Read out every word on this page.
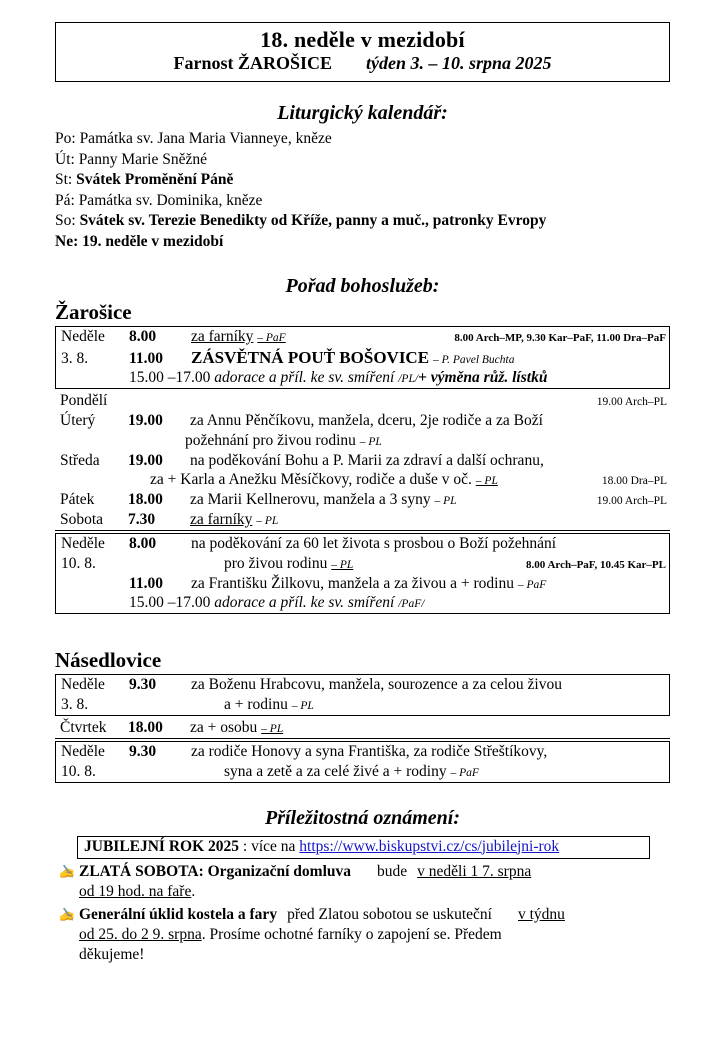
18. neděle v mezidobí
Farnost ŽAROŠICE týden 3. – 10. srpna 2025
Liturgický kalendář:
Po: Památka sv. Jana Maria Vianneye, kněze
Út: Panny Marie Sněžné
St: Svátek Proměnění Páně
Pá: Památka sv. Dominika, kněze
So: Svátek sv. Terezie Benedikty od Kříže, panny a muč., patronky Evropy
Ne: 19. neděle v mezidobí
Pořad bohoslužeb:
Žarošice
Neděle	8.00	za farníky – PaF	8.00 Arch–MP, 9.30 Kar–PaF, 11.00 Dra–PaF
3. 8.	11.00	ZÁSVĚTNÁ POUŤ BOŠOVICE – P. Pavel Buchta
15.00 –17.00 adorace a příl. ke sv. smíření /PL/+ výměna růž. lístků
Pondělí	19.00 Arch–PL
Úterý	19.00	za Annu Pěnčíkovu, manžela, dceru, 2je rodiče a za Boží
požehnání pro živou rodinu – PL
Středa	19.00	na poděkování Bohu a P. Marii za zdraví a další ochranu,
za + Karla a Anežku Měsíčkovy, rodiče a duše v oč. – PL	18.00 Dra–PL
Pátek	18.00	za Marii Kellnerovu, manžela a 3 syny – PL	19.00 Arch–PL
Sobota	7.30	za farníky – PL
Neděle	8.00	na poděkování za 60 let života s prosbou o Boží požehnání
10. 8.	pro živou rodinu – PL	8.00 Arch–PaF, 10.45 Kar–PL
11.00	za Františku Žilkovu, manžela a za živou a + rodinu – PaF
15.00 –17.00 adorace a příl. ke sv. smíření /PaF/
Násedlovice
Neděle	9.30	za Boženu Hrabcovu, manžela, sourozence a za celou živou
3. 8.	a + rodinu – PL
Čtvrtek	18.00	za + osobu – PL
Neděle	9.30	za rodiče Honovy a syna Františka, za rodiče Střeštíkovy,
10. 8.	syna a zetě a za celé živé a + rodiny – PaF
Příležitostná oznámení:
JUBILEJNÍ ROK 2025 : více na https://www.biskupstvi.cz/cs/jubilejni-rok
✍ ZLATÁ SOBOTA: Organizační domluva bude v neděli 1 7. srpna
od 19 hod. na faře.
✍ Generální úklid kostela a fary před Zlatou sobotou se uskuteční v týdnu
od 25. do 2 9. srpna. Prosíme ochotné farníky o zapojení se. Předem
děkujeme!
